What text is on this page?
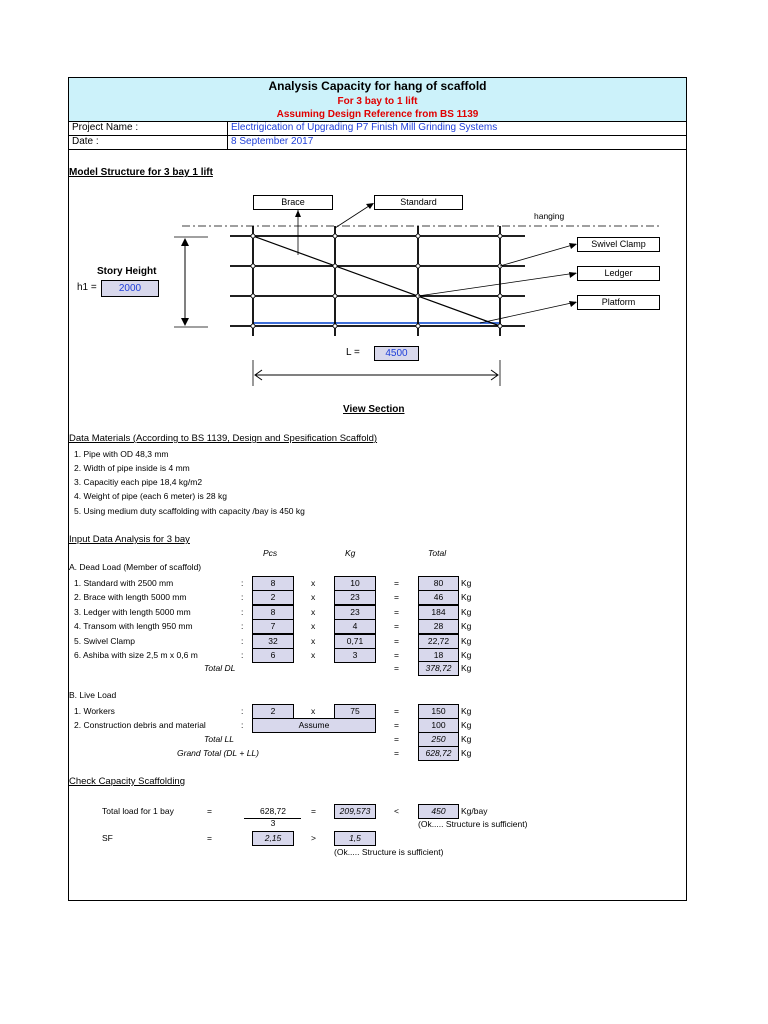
Analysis Capacity for hang of scaffold
For 3 bay to 1 lift
Assuming Design Reference from BS 1139
Project Name :	Electrigication of Upgrading P7 Finish Mill Grinding Systems
Date :	8 September 2017
Model Structure for 3 bay 1 lift
Brace	Standard
hanging
Swivel Clamp
Ledger
Platform
Story Height
h1 =	2000
L =	4500
View Section
Data Materials (According to BS 1139, Design and Spesification Scaffold)
1. Pipe with OD 48,3 mm
2. Width of pipe inside is 4 mm
3. Capacitiy each pipe 18,4 kg/m2
4. Weight of pipe (each 6 meter) is 28 kg
5. Using medium duty scaffolding with capacity /bay is 450 kg
Input Data Analysis for 3 bay
Pcs	Kg	Total
A. Dead Load (Member of scaffold)
1. Standard with 2500 mm	:	8	x	10	=	80	Kg
2. Brace with length 5000 mm	:	2	x	23	=	46	Kg
3. Ledger with length 5000 mm	:	8	x	23	=	184	Kg
4. Transom with length 950 mm	:	7	x	4	=	28	Kg
5. Swivel Clamp	:	32	x	0,71	=	22,72	Kg
6. Ashiba with size 2,5 m x 0,6 m	:	6	x	3	=	18	Kg
Total DL	=	378,72	Kg
B. Live Load
1. Workers	:	2	x	75	=	150	Kg
2. Construction debris and material	:	Assume	=	100	Kg
Total LL	=	250	Kg
Grand Total (DL + LL)	=	628,72	Kg
Check Capacity Scaffolding
Total load for 1 bay	=	628,72
3
=	209,573	<	450	Kg/bay
(Ok..... Structure is sufficient)
SF	=	2,15	>	1,5
(Ok..... Structure is sufficient)
